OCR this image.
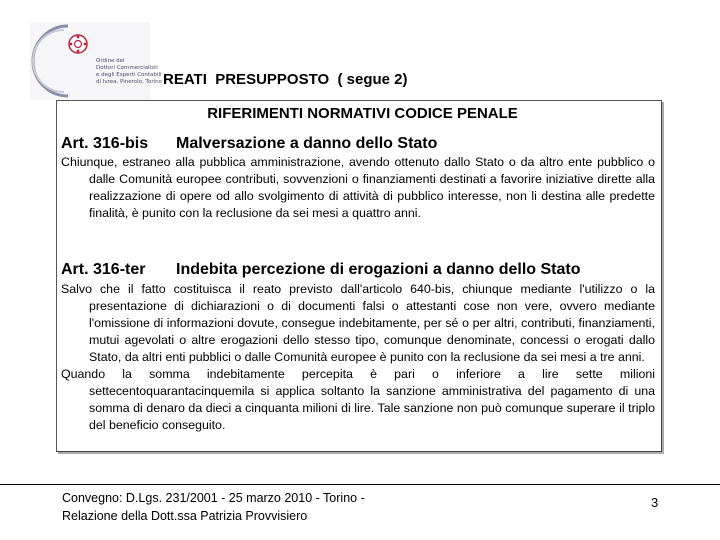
Ordine dei
Dottori Commercialisti
e degli Esperti Contabili
di Ivrea, Pinerolo, Torino REATI  PRESUPPOSTO  ( segue 2)
RIFERIMENTI NORMATIVI CODICE PENALE
Art. 316-bis Malversazione a danno dello Stato

Chiunque, estraneo alla pubblica amministrazione, avendo ottenuto dallo Stato o da altro ente pubblico o dalle Comunità europee contributi, sovvenzioni o finanziamenti destinati a favorire iniziative dirette alla realizzazione di opere od allo svolgimento di attività di pubblico interesse, non li destina alle predette finalità, è punito con la reclusione da sei mesi a quattro anni.

Art. 316-ter Indebita percezione di erogazioni a danno dello Stato

Salvo che il fatto costituisca il reato previsto dall'articolo 640-bis, chiunque mediante l'utilizzo o la presentazione di dichiarazioni o di documenti falsi o attestanti cose non vere, ovvero mediante l'omissione di informazioni dovute, consegue indebitamente, per sé o per altri, contributi, finanziamenti, mutui agevolati o altre erogazioni dello stesso tipo, comunque denominate, concessi o erogati dallo Stato, da altri enti pubblici o dalle Comunità europee è punito con la reclusione da sei mesi a tre anni.

Quando la somma indebitamente percepita è pari o inferiore a lire sette milioni settecentoquarantacinquemila si applica soltanto la sanzione amministrativa del pagamento di una somma di denaro da dieci a cinquanta milioni di lire. Tale sanzione non può comunque superare il triplo del beneficio conseguito.

Convegno: D.Lgs. 231/2001 - 25 marzo 2010 - Torino -
Relazione della Dott.ssa Patrizia Provvisiero
3
